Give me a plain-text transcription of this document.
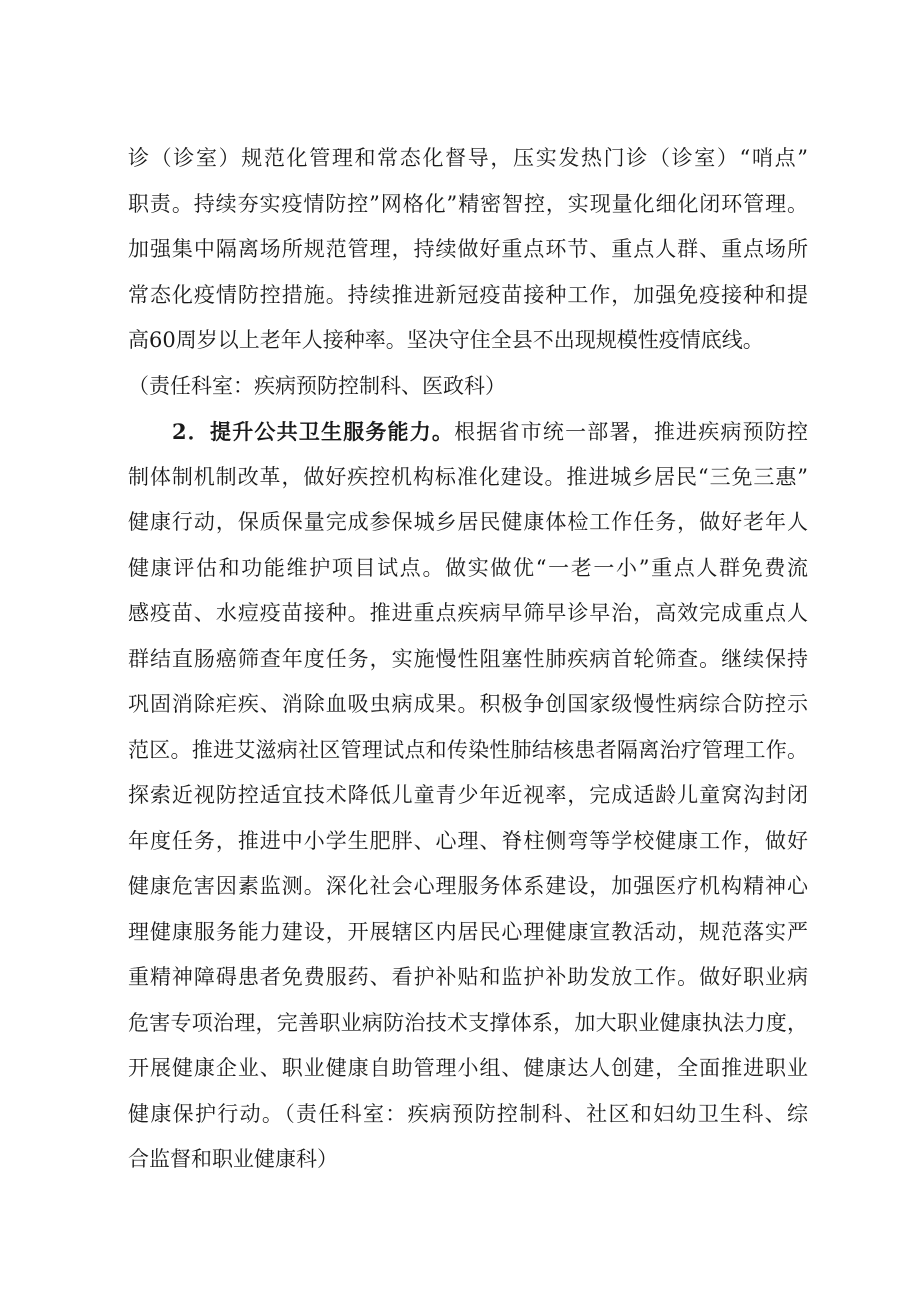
诊（诊室）规范化管理和常态化督导，压实发热门诊（诊室）“哨点”
职责。持续夯实疫情防控”网格化”精密智控，实现量化细化闭环管理。
加强集中隔离场所规范管理，持续做好重点环节、重点人群、重点场所
常态化疫情防控措施。持续推进新冠疫苗接种工作，加强免疫接种和提
高60周岁以上老年人接种率。坚决守住全县不出现规模性疫情底线。
（责任科室：疾病预防控制科、医政科）
2．提升公共卫生服务能力。根据省市统一部署，推进疾病预防控
制体制机制改革，做好疾控机构标准化建设。推进城乡居民“三免三惠”
健康行动，保质保量完成参保城乡居民健康体检工作任务，做好老年人
健康评估和功能维护项目试点。做实做优“一老一小”重点人群免费流
感疫苗、水痘疫苗接种。推进重点疾病早筛早诊早治，高效完成重点人
群结直肠癌筛查年度任务，实施慢性阻塞性肺疾病首轮筛查。继续保持
巩固消除疟疾、消除血吸虫病成果。积极争创国家级慢性病综合防控示
范区。推进艾滋病社区管理试点和传染性肺结核患者隔离治疗管理工作。
探索近视防控适宜技术降低儿童青少年近视率，完成适龄儿童窝沟封闭
年度任务，推进中小学生肥胖、心理、脊柱侧弯等学校健康工作，做好
健康危害因素监测。深化社会心理服务体系建设，加强医疗机构精神心
理健康服务能力建设，开展辖区内居民心理健康宣教活动，规范落实严
重精神障碍患者免费服药、看护补贴和监护补助发放工作。做好职业病
危害专项治理，完善职业病防治技术支撑体系，加大职业健康执法力度，
开展健康企业、职业健康自助管理小组、健康达人创建，全面推进职业
健康保护行动。（责任科室：疾病预防控制科、社区和妇幼卫生科、综
合监督和职业健康科）
